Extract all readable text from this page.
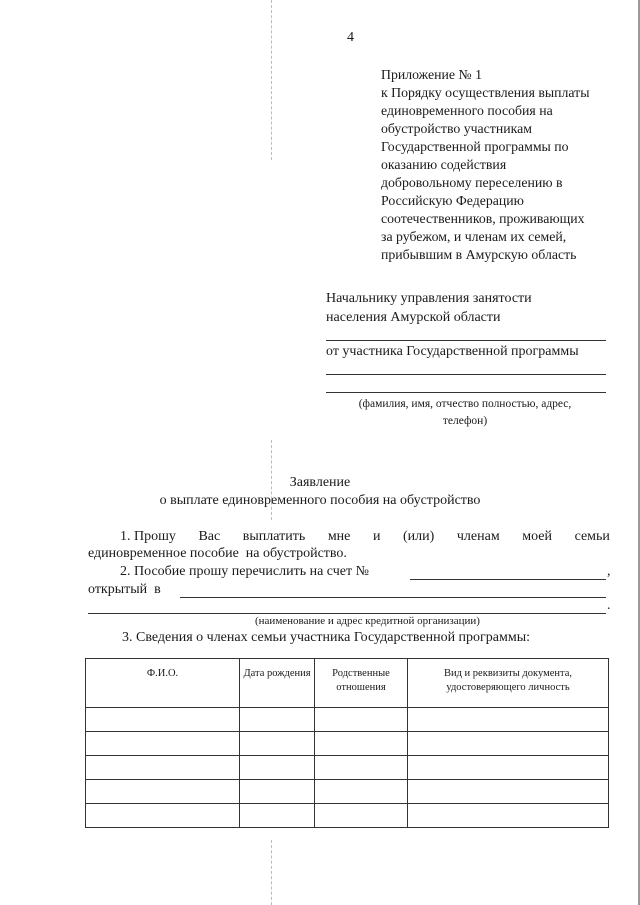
4
Приложение № 1
к Порядку осуществления выплаты
единовременного пособия на
обустройство участникам
Государственной программы по
оказанию содействия
добровольному переселению в
Российскую Федерацию
соотечественников, проживающих
за рубежом, и членам их семей,
прибывшим в Амурскую область
Начальнику управления занятости
населения Амурской области
от участника Государственной программы
(фамилия, имя, отчество полностью, адрес,
телефон)
Заявление
о выплате единовременного пособия на обустройство
1. Прошу Вас выплатить мне и (или) членам моей семьи
единовременное пособие  на обустройство.
2. Пособие прошу перечислить на счет №	,
открытый  в
.
(наименование и адрес кредитной организации)
3. Сведения о членах семьи участника Государственной программы:
Ф.И.О.	Дата рождения	Родственные отношения	Вид и реквизиты документа, удостоверяющего личность
